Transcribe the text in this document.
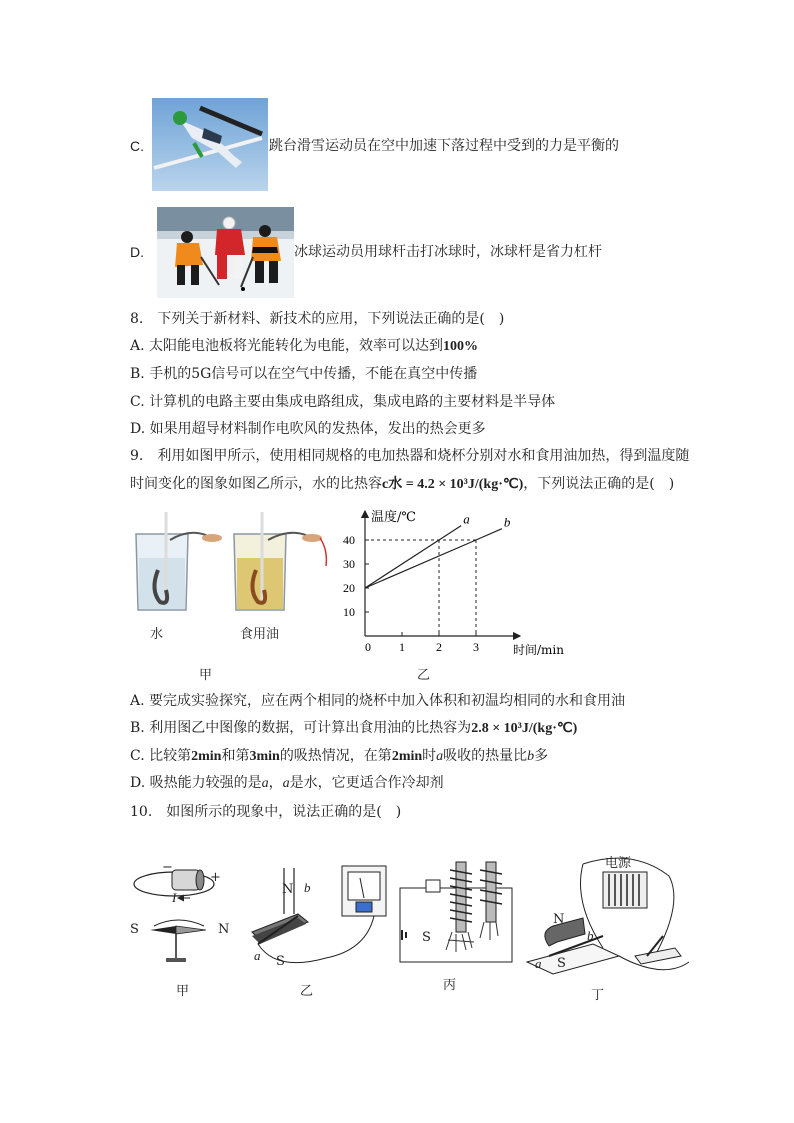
C.	跳台滑雪运动员在空中加速下落过程中受到的力是平衡的
D.	冰球运动员用球杆击打冰球时，冰球杆是省力杠杆
8.　下列关于新材料、新技术的应用，下列说法正确的是(　)
A. 太阳能电池板将光能转化为电能，效率可以达到100%
B. 手机的5G信号可以在空气中传播，不能在真空中传播
C. 计算机的电路主要由集成电路组成，集成电路的主要材料是半导体
D. 如果用超导材料制作电吹风的发热体，发出的热会更多
9.　利用如图甲所示，使用相同规格的电加热器和烧杯分别对水和食用油加热，得到温度随
时间变化的图象如图乙所示，水的比热容c水 = 4.2 × 10³J/(kg·℃)，下列说法正确的是(　)
水	食用油
甲
0 1	2	3
10
20
30
40
a	b
温度/℃
时间/min
乙
A. 要完成实验探究，应在两个相同的烧杯中加入体积和初温均相同的水和食用油
B. 利用图乙中图像的数据，可计算出食用油的比热容为2.8 × 10³J/(kg·℃)
C. 比较第2min和第3min的吸热情况，在第2min时a吸收的热量比b多
D. 吸热能力较强的是a，a是水，它更适合作冷却剂
10.　如图所示的现象中，说法正确的是(　)
−
+
I
S	N
甲
N b
a S
乙
S
丙
电源
N
a S
b
丁
